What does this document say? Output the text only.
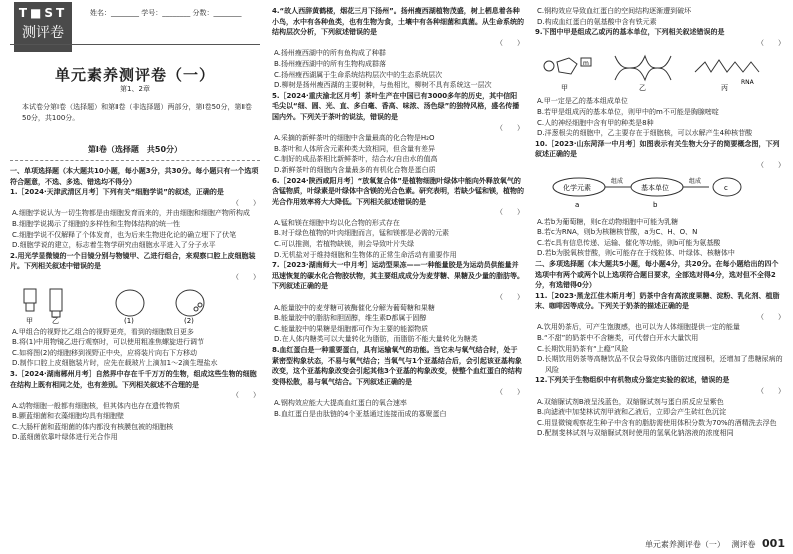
T■ST
测评卷
姓名：________ 学号：________ 分数：________
单元素养测评卷（一）
第1、2章
本试卷分第Ⅰ卷（选择题）和第Ⅱ卷（非选择题）两部分，第Ⅰ卷50分，第Ⅱ卷50分，共100分。
第Ⅰ卷（选择题　共50分）

一、单项选择题（本大题共10小题，每小题3分，共30分。每小题只有一个选项符合题意，不选、多选、错选均不得分）

1.［2024·天津武清区月考］下列有关“细胞学说”的叙述，正确的是

（　　）

A.细胞学说认为一切生物都是由细胞发育而来的，并由细胞和细胞产物所构成

B.细胞学说揭示了细胞的多样性和生物体结构的统一性

C.细胞学说不仅解释了个体发育，也为后来生物进化论的确立埋下了伏笔

D.细胞学说的建立，标志着生物学研究由细胞水平进入了分子水平

2.用光学显微镜的一个目镜分别与物镜甲、乙进行组合，来观察口腔上皮细胞装片。下列相关叙述中错误的是

（　　）

甲	乙	(1)	(2)

A.甲组合的视野比乙组合的视野更亮，看到的细胞数目更多

B.将(1)中用物镜乙进行观察时，可以使用粗准焦螺旋进行调节

C.如将图(2)的细胞移到视野正中央，应将装片向右下方移动

D.制作口腔上皮细胞装片时，应先在载玻片上滴加1～2滴生理盐水

3.［2024·湖南郴州月考］自然界中存在千千万万的生物，组成这些生物的细胞在结构上既有相同之处，也有差别。下列相关叙述不合理的是

（　　）

A.动物细胞一般都有细胞核，但其体内也存在遗传物质

B.颤蓝细菌和衣藻细胞均具有细胞壁

C.大肠杆菌和蓝细菌的体内都没有核膜包被的细胞核

D.蓝细菌依靠叶绿体进行光合作用

4.“故人西辞黄鹤楼，烟花三月下扬州”。扬州瘦西湖植物茂盛，树上栖息着各种小鸟，水中有各种鱼类，也有生物为食，土壤中有各种细菌和真菌。从生命系统的结构层次分析，下列叙述错误的是

（　　）

A.扬州瘦西湖中的所有鱼构成了种群

B.扬州瘦西湖中的所有生物构成群落

C.扬州瘦西湖属于生命系统结构层次中的生态系统层次

D.柳树是扬州瘦西湖的主要树种，与鱼相比，柳树不具有系统这一层次

5.［2024·重庆渝北区月考］茶叶生产在中国已有3000多年的历史，其中信阳毛尖以“细、圆、光、直、多白毫、香高、味浓、汤色绿”的独特风格，盛名传播国内外。下列关于茶叶的说法，错误的是

（　　）

A.采摘的新鲜茶叶的细胞中含量最高的化合物是H₂O

B.茶叶和人体所含元素种类大致相同，但含量有差异

C.制好的成品茶相比新鲜茶叶，结合水/自由水的值高

D.新鲜茶叶的细胞内含量最多的有机化合物是蛋白质

6.［2024·陕西咸阳月考］“放氧复合体”是植物细胞叶绿体中能向外释放氧气的含锰物质，叶绿素是叶绿体中含镁的光合色素。研究表明，若缺少锰和镁，植物的光合作用效率将大大降低。下列相关叙述错误的是

（　　）

A.锰和镁在细胞中均以化合物的形式存在

B.对于绿色植物的叶肉细胞而言，锰和镁都是必需的元素

C.可以推测，若植物缺镁，则会导致叶片失绿

D.无机盐对于维持细胞和生物体的正常生命活动有重要作用

7.［2023·湖南师大一中月考］运动型果冻——一种能量胶是为运动员供能量并迅速恢复的碳水化合物胶状物，其主要组成成分为麦芽糖、果糖及少量的脂肪等。下列叙述正确的是

（　　）

A.能量胶中的麦芽糖可被酶催化分解为葡萄糖和果糖

B.能量胶中的脂肪和胆固醇，维生素D都属于固醇

C.能量胶中的果糖是细胞都可作为主要的能源物质

D.在人体内糖类可以大量转化为脂肪，而脂肪不能大量转化为糖类

8.血红蛋白是一种重要蛋白，具有运输氧气的功能。当它未与氧气结合时，处于紧密型构象状态，不易与氧气结合；当氧气与1个亚基结合后，会引起该亚基构象改变，这个亚基构象改变会引起其他3个亚基的构象改变，使整个血红蛋白的结构变得松散，易与氧气结合。下列叙述正确的是

（　　）

A.钢构效应能大大提高血红蛋白的氧合速率

B.血红蛋白是由肽链的4个亚基通过连接而成的寡聚蛋白

C.钢构效应导致血红蛋白的空间结构逐渐遭到破坏

D.构成血红蛋白的氨基酸中含有铁元素

9.下图中甲是组成乙或丙的基本单位，下列相关叙述错误的是

（　　）

m
甲	乙
RNA
丙

A.甲一定是乙的基本组成单位

B.若甲是组成丙的基本单位，则甲中的m不可能是胸腺嘧啶

C.人的神经细胞中含有甲的种类是8种

D.洋葱根尖的细胞中，乙主要存在于细胞核，可以水解产生4种核苷酸

10.［2023·山东菏泽一中月考］如图表示有关生物大分子的简要概念图，下列叙述正确的是

（　　）

化学元素
组成
基本单位
组成
c
a	b

A.若b为葡萄糖，则c在动物细胞中可能为乳糖

B.若c为RNA，则b为核糖核苷酸，a为C、H、O、N

C.若c具有信息传递、运输、催化等功能，则b可能为氨基酸

D.若b为脱氧核苷酸，则c可能存在于线粒体、叶绿体、核糖体中

二、多项选择题（本大题共5小题，每小题4分，共20分。在每小题给出的四个选项中有两个或两个以上选项符合题目要求，全部选对得4分，选对但不全得2分，有选错得0分）

11.［2023·黑龙江佳木斯月考］奶茶中含有高浓度果糖、淀粉、乳化剂、植脂末、咖啡因等成分。下列关于奶茶的描述正确的是

（　　）

A.饮用奶茶后，可产生饱腹感，也可以为人体细胞提供一定的能量

B.“不甜”的奶茶中不含糖类，可代替白开水大量饮用

C.长期饮用奶茶有“上瘾”风险

D.长期饮用奶茶等高糖饮品不仅会导致体内脂肪过度囤积，还增加了患糖尿病的风险

12.下列关于生物组织中有机物成分鉴定实验的叙述，错误的是

（　　）

A.双缩脲试剂B液呈浅蓝色，双缩脲试剂与蛋白质反应呈紫色

B.向滤液中加斐林试剂甲液和乙液后，立即会产生砖红色沉淀

C.用显微镜观察花生种子中含有的脂肪需使用体积分数为70%的酒精洗去浮色

D.配制斐林试剂与双缩脲试剂时使用的氢氧化钠溶液的浓度相同

单元素养测评卷（一） 测评卷 001
